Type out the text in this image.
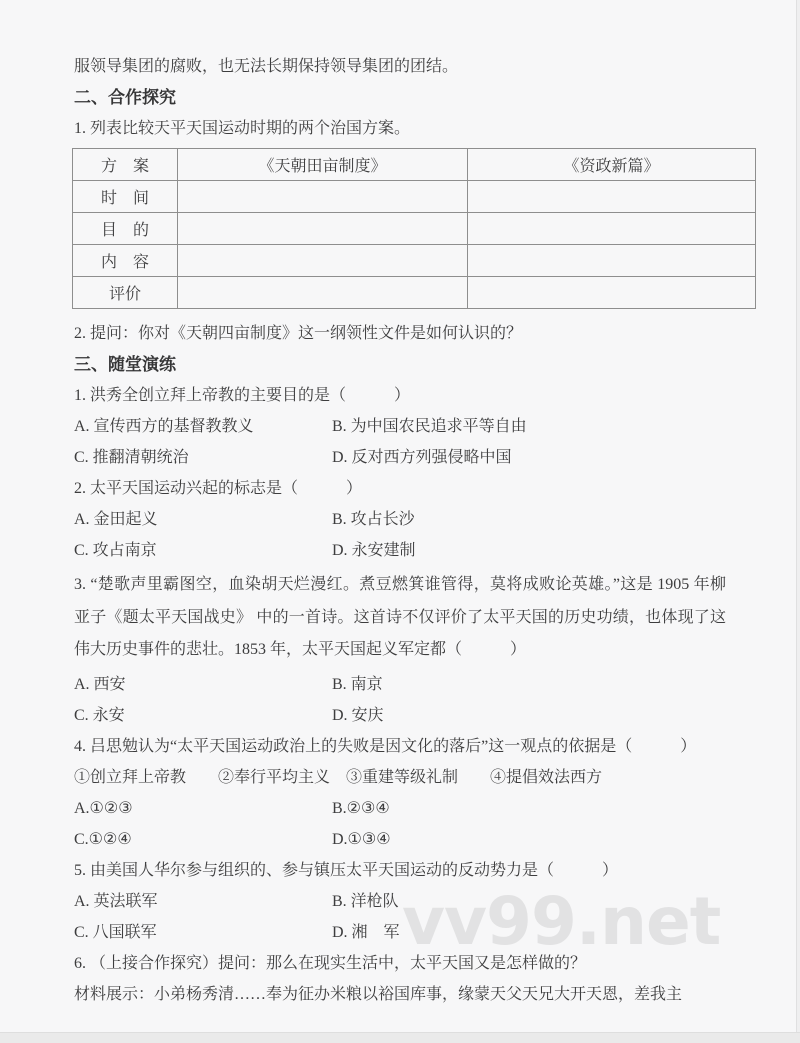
vv99.net

服领导集团的腐败，也无法长期保持领导集团的团结。

二、合作探究

1. 列表比较天平天国运动时期的两个治国方案。

方　案	《天朝田亩制度》	《资政新篇》
时　间		
目　的		
内　容		
评价		

2. 提问：你对《天朝四亩制度》这一纲领性文件是如何认识的？

三、随堂演练

1. 洪秀全创立拜上帝教的主要目的是（　　　）

A. 宣传西方的基督教教义	B. 为中国农民追求平等自由
C. 推翻清朝统治	D. 反对西方列强侵略中国

2. 太平天国运动兴起的标志是（　　　）

A. 金田起义	B. 攻占长沙
C. 攻占南京	D. 永安建制

3. “楚歌声里霸图空，血染胡天烂漫红。煮豆燃箕谁管得，莫将成败论英雄。”这是 1905 年柳亚子《题太平天国战史》 中的一首诗。这首诗不仅评价了太平天国的历史功绩，也体现了这伟大历史事件的悲壮。1853 年，太平天国起义军定都（　　　）

A. 西安	B. 南京
C. 永安	D. 安庆

4. 吕思勉认为“太平天国运动政治上的失败是因文化的落后”这一观点的依据是（　　　）

①创立拜上帝教　　②奉行平均主义　③重建等级礼制　　④提倡效法西方

A.①②③	B.②③④
C.①②④	D.①③④

5. 由美国人华尔参与组织的、参与镇压太平天国运动的反动势力是（　　　）

A. 英法联军	B. 洋枪队
C. 八国联军	D. 湘　军

6. （上接合作探究）提问：那么在现实生活中，太平天国又是怎样做的？

材料展示：小弟杨秀清……奉为征办米粮以裕国库事，缘蒙天父天兄大开天恩，差我主
